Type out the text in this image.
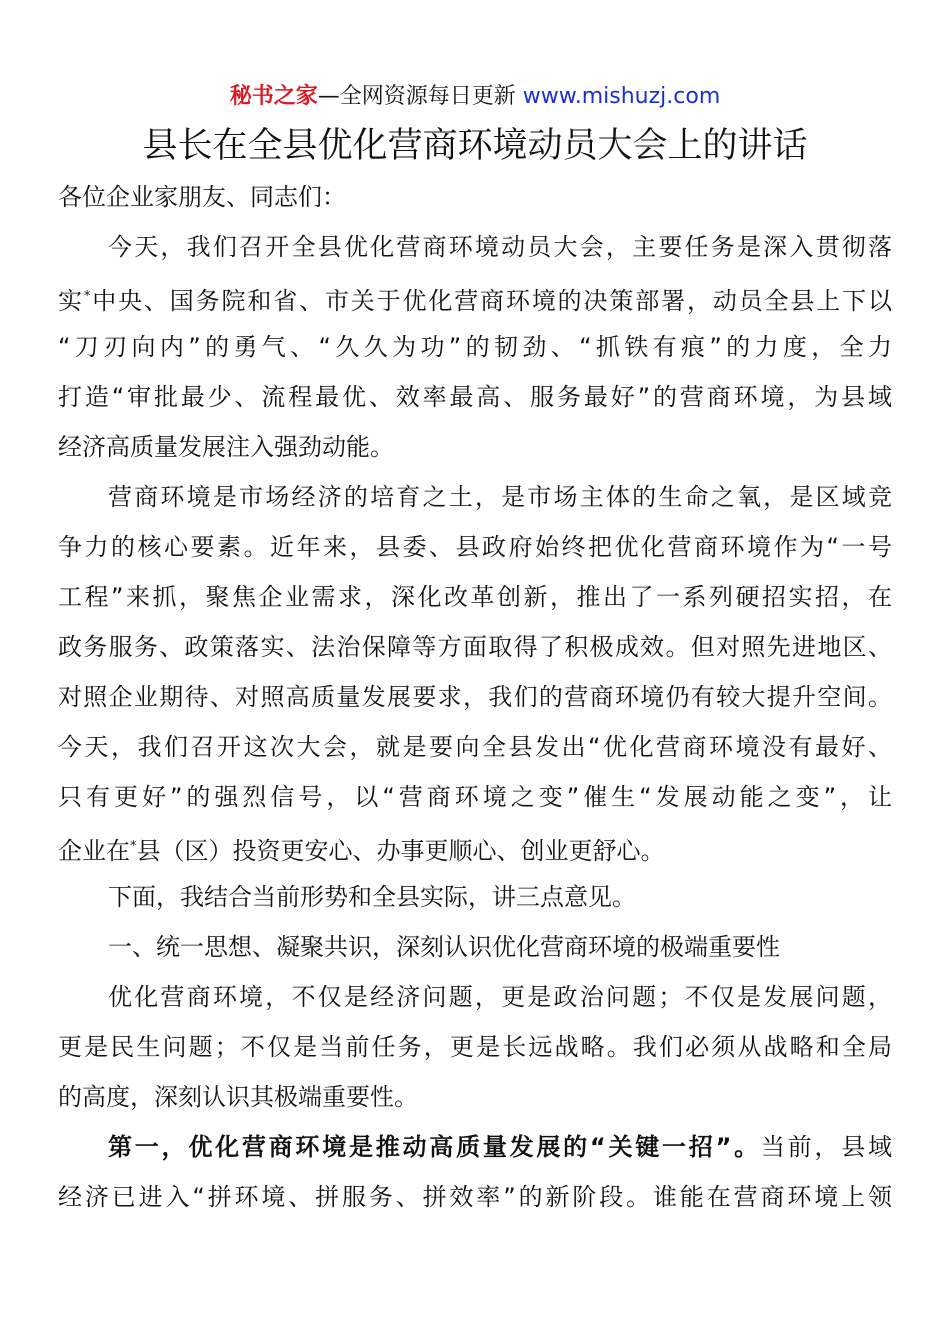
秘书之家—全网资源每日更新 www.mishuzj.com
县长在全县优化营商环境动员大会上的讲话
各位企业家朋友、同志们：
今天，我们召开全县优化营商环境动员大会，主要任务是深入贯彻落
实*中央、国务院和省、市关于优化营商环境的决策部署，动员全县上下以
“刀刃向内”的勇气、“久久为功”的韧劲、“抓铁有痕”的力度，全力
打造“审批最少、流程最优、效率最高、服务最好”的营商环境，为县域
经济高质量发展注入强劲动能。
营商环境是市场经济的培育之土，是市场主体的生命之氧，是区域竞
争力的核心要素。近年来，县委、县政府始终把优化营商环境作为“一号
工程”来抓，聚焦企业需求，深化改革创新，推出了一系列硬招实招，在
政务服务、政策落实、法治保障等方面取得了积极成效。但对照先进地区、
对照企业期待、对照高质量发展要求，我们的营商环境仍有较大提升空间。
今天，我们召开这次大会，就是要向全县发出“优化营商环境没有最好、
只有更好”的强烈信号，以“营商环境之变”催生“发展动能之变”，让
企业在*县（区）投资更安心、办事更顺心、创业更舒心。
下面，我结合当前形势和全县实际，讲三点意见。
一、统一思想、凝聚共识，深刻认识优化营商环境的极端重要性
优化营商环境，不仅是经济问题，更是政治问题；不仅是发展问题，
更是民生问题；不仅是当前任务，更是长远战略。我们必须从战略和全局
的高度，深刻认识其极端重要性。
第一，优化营商环境是推动高质量发展的“关键一招”。当前，县域
经济已进入“拼环境、拼服务、拼效率”的新阶段。谁能在营商环境上领
